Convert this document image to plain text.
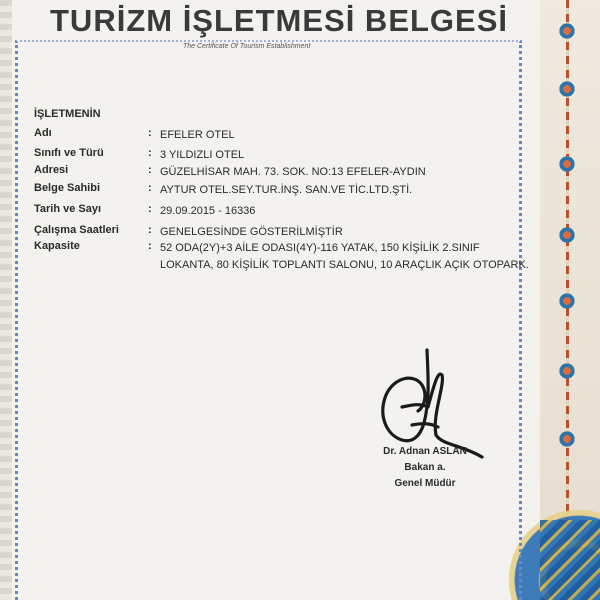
TURİZM İŞLETMESİ BELGESİ
The Certificate Of Tourism Establishment
İŞLETMENİN
Adı	: EFELER OTEL
Sınıfı ve Türü	: 3 YILDIZLI OTEL
Adresi	: GÜZELHİSAR MAH. 73. SOK. NO:13 EFELER-AYDIN
Belge Sahibi	: AYTUR OTEL.SEY.TUR.İNŞ. SAN.VE TİC.LTD.ŞTİ.
Tarih ve Sayı	: 29.09.2015 - 16336
Çalışma Saatleri	: GENELGESİNDE GÖSTERİLMİŞTİR
Kapasite	: 52 ODA(2Y)+3 AİLE ODASI(4Y)-116 YATAK, 150 KİŞİLİK 2.SINIF LOKANTA, 80 KİŞİLİK TOPLANTI SALONU, 10 ARAÇLIK AÇIK OTOPARK.
Dr. Adnan ASLAN
Bakan a.
Genel Müdür
